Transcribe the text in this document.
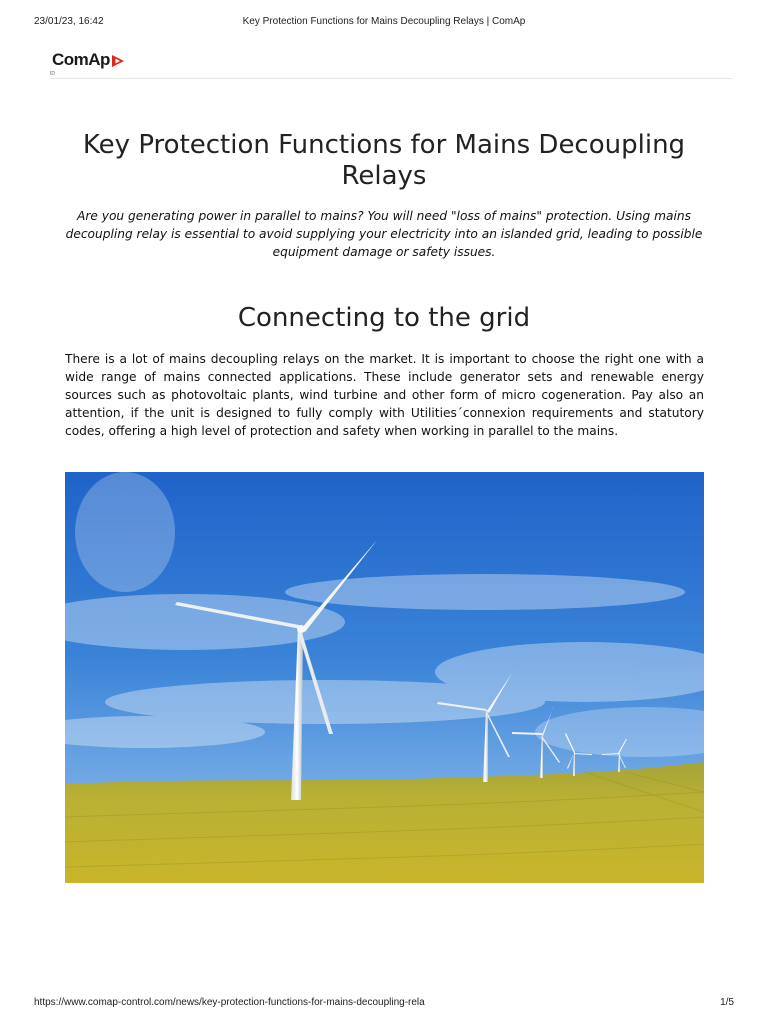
23/01/23, 16:42	Key Protection Functions for Mains Decoupling Relays | ComAp
ComAp
ID
Key Protection Functions for Mains Decoupling Relays

Are you generating power in parallel to mains? You will need "loss of mains" protection. Using mains decoupling relay is essential to avoid supplying your electricity into an islanded grid, leading to possible equipment damage or safety issues.

Connecting to the grid

There is a lot of mains decoupling relays on the market. It is important to choose the right one with a wide range of mains connected applications. These include generator sets and renewable energy sources such as photovoltaic plants, wind turbine and other form of micro cogeneration. Pay also an attention, if the unit is designed to fully comply with Utilities´connexion requirements and statutory codes, offering a high level of protection and safety when working in parallel to the mains.

https://www.comap-control.com/news/key-protection-functions-for-mains-decoupling-rela	1/5
